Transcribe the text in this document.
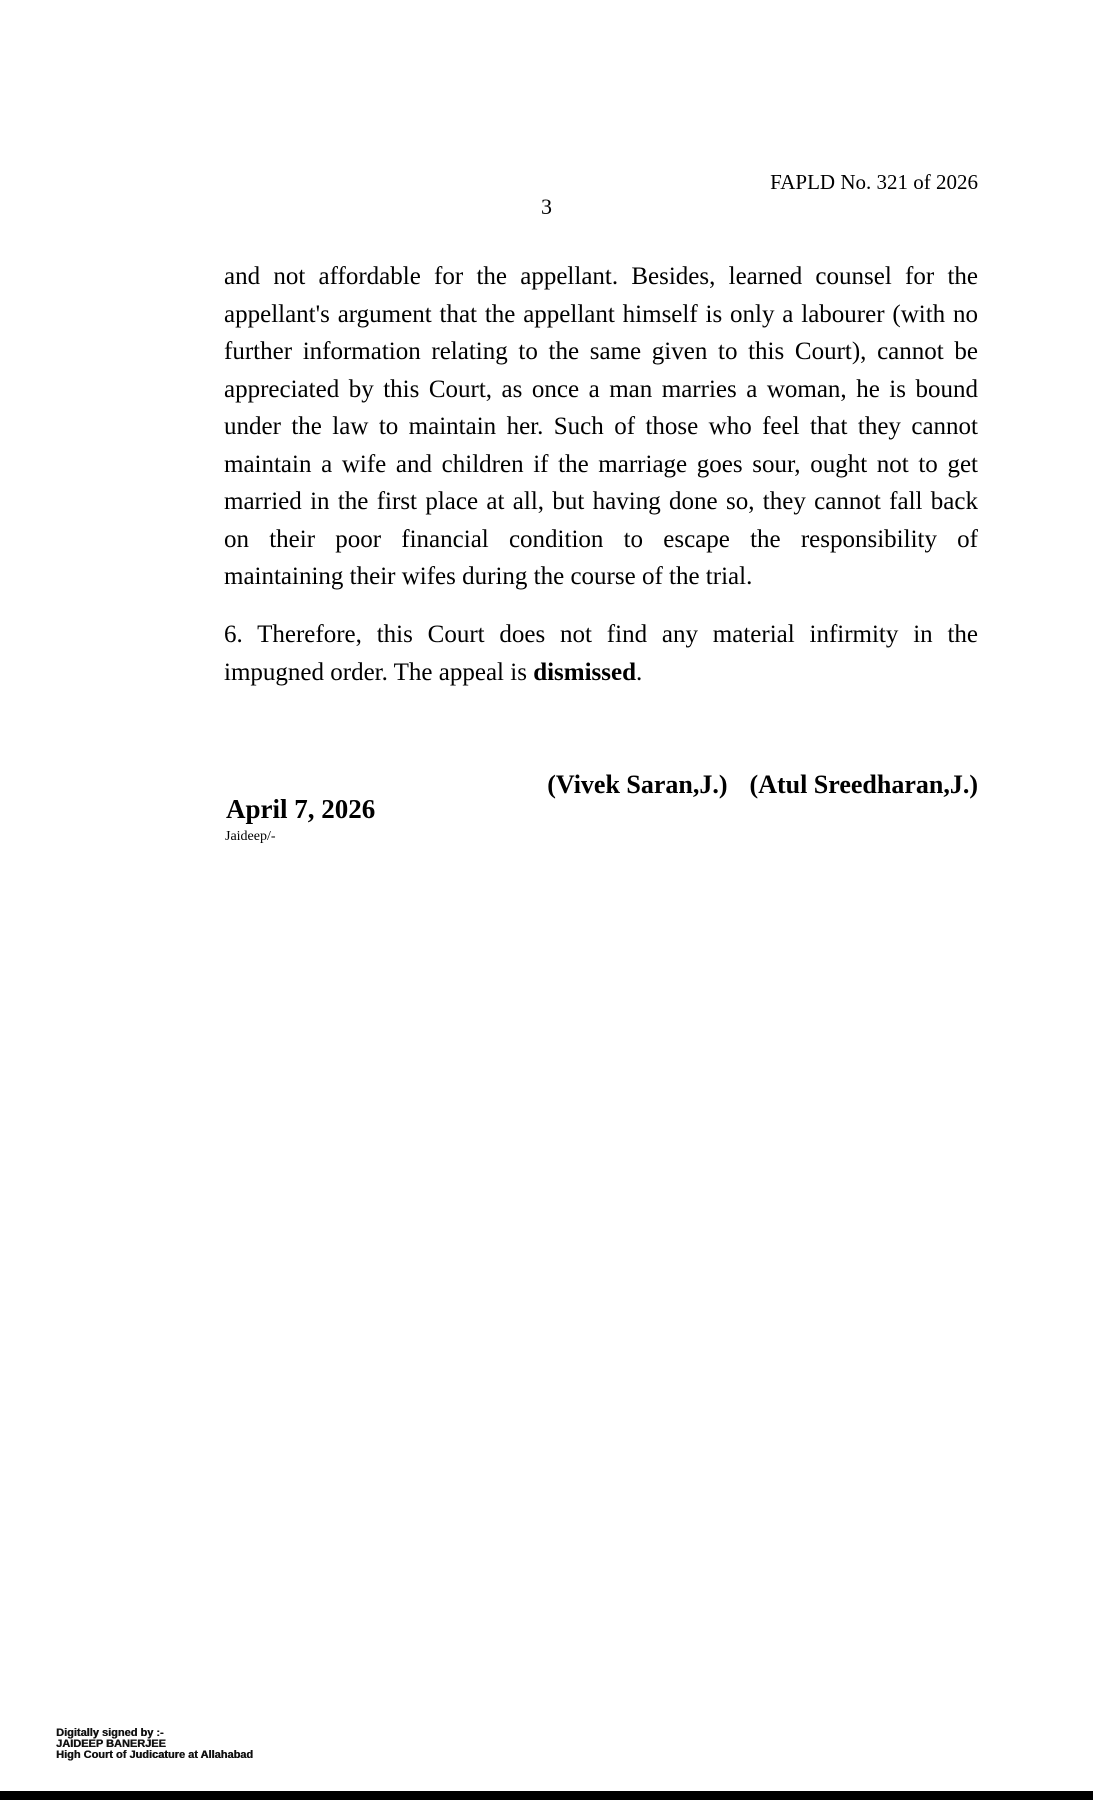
FAPLD No. 321 of 2026
3
and not affordable for the appellant. Besides, learned counsel for the
appellant's argument that the appellant himself is only a labourer (with no
further information relating to the same given to this Court), cannot be
appreciated by this Court, as once a man marries a woman, he is bound
under the law to maintain her. Such of those who feel that they cannot
maintain a wife and children if the marriage goes sour, ought not to get
married in the first place at all, but having done so, they cannot fall back
on their poor financial condition to escape the responsibility of
maintaining their wifes during the course of the trial.
6. Therefore, this Court does not find any material infirmity in the
impugned order. The appeal is dismissed.
(Vivek Saran,J.) (Atul Sreedharan,J.)
April 7, 2026
Jaideep/-
Digitally signed by :-
JAIDEEP BANERJEE
High Court of Judicature at Allahabad
